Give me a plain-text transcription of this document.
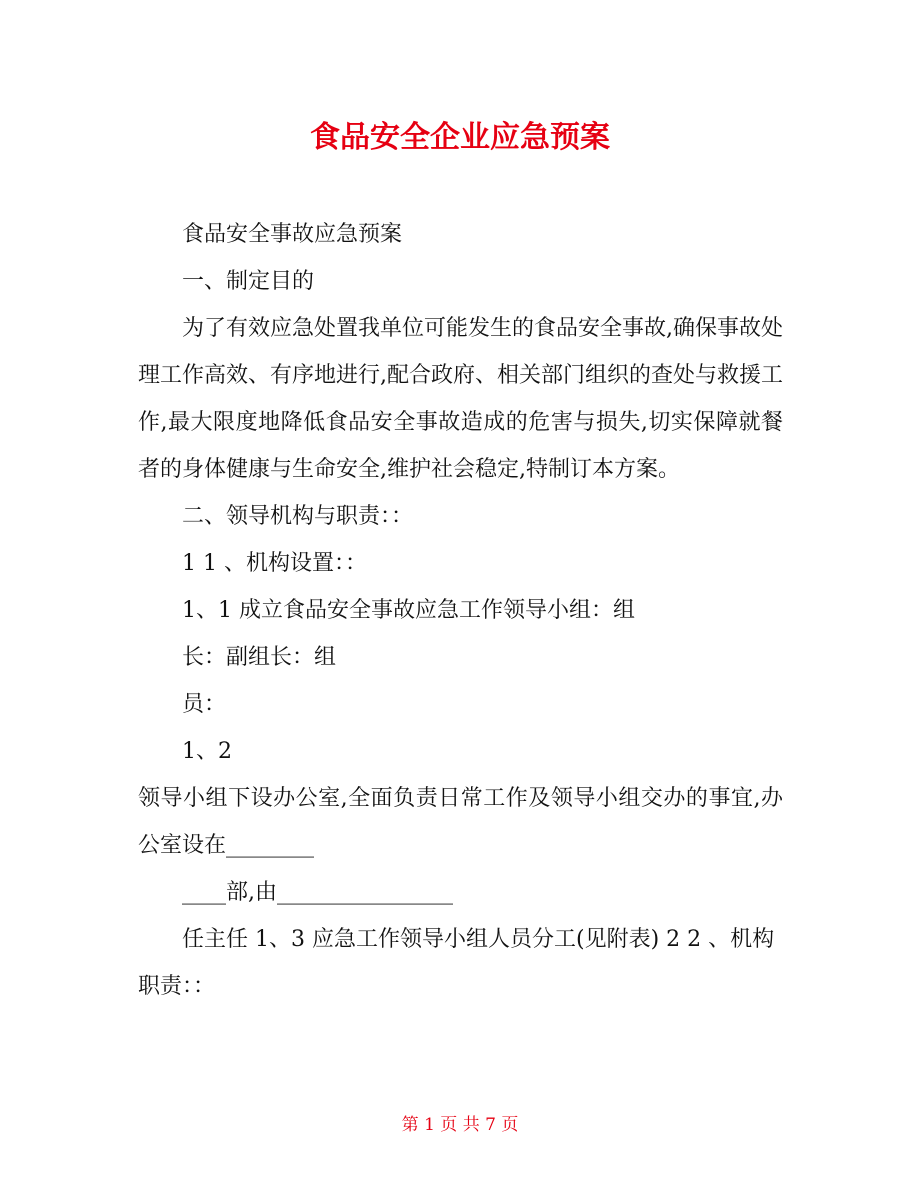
食品安全企业应急预案

食品安全事故应急预案

一、制定目的

为了有效应急处置我单位可能发生的食品安全事故,确保事故处理工作高效、有序地进行,配合政府、相关部门组织的查处与救援工作,最大限度地降低食品安全事故造成的危害与损失,切实保障就餐者的身体健康与生命安全,维护社会稳定,特制订本方案。

二、领导机构与职责：：

1 1 、机构设置：：

1、1 成立食品安全事故应急工作领导小组：组

长：副组长：组

员：

1、2

领导小组下设办公室,全面负责日常工作及领导小组交办的事宜,办公室设在________

____部,由________________

任主任 1、3 应急工作领导小组人员分工(见附表) 2 2 、机构职责：：

第 1 页 共 7 页
